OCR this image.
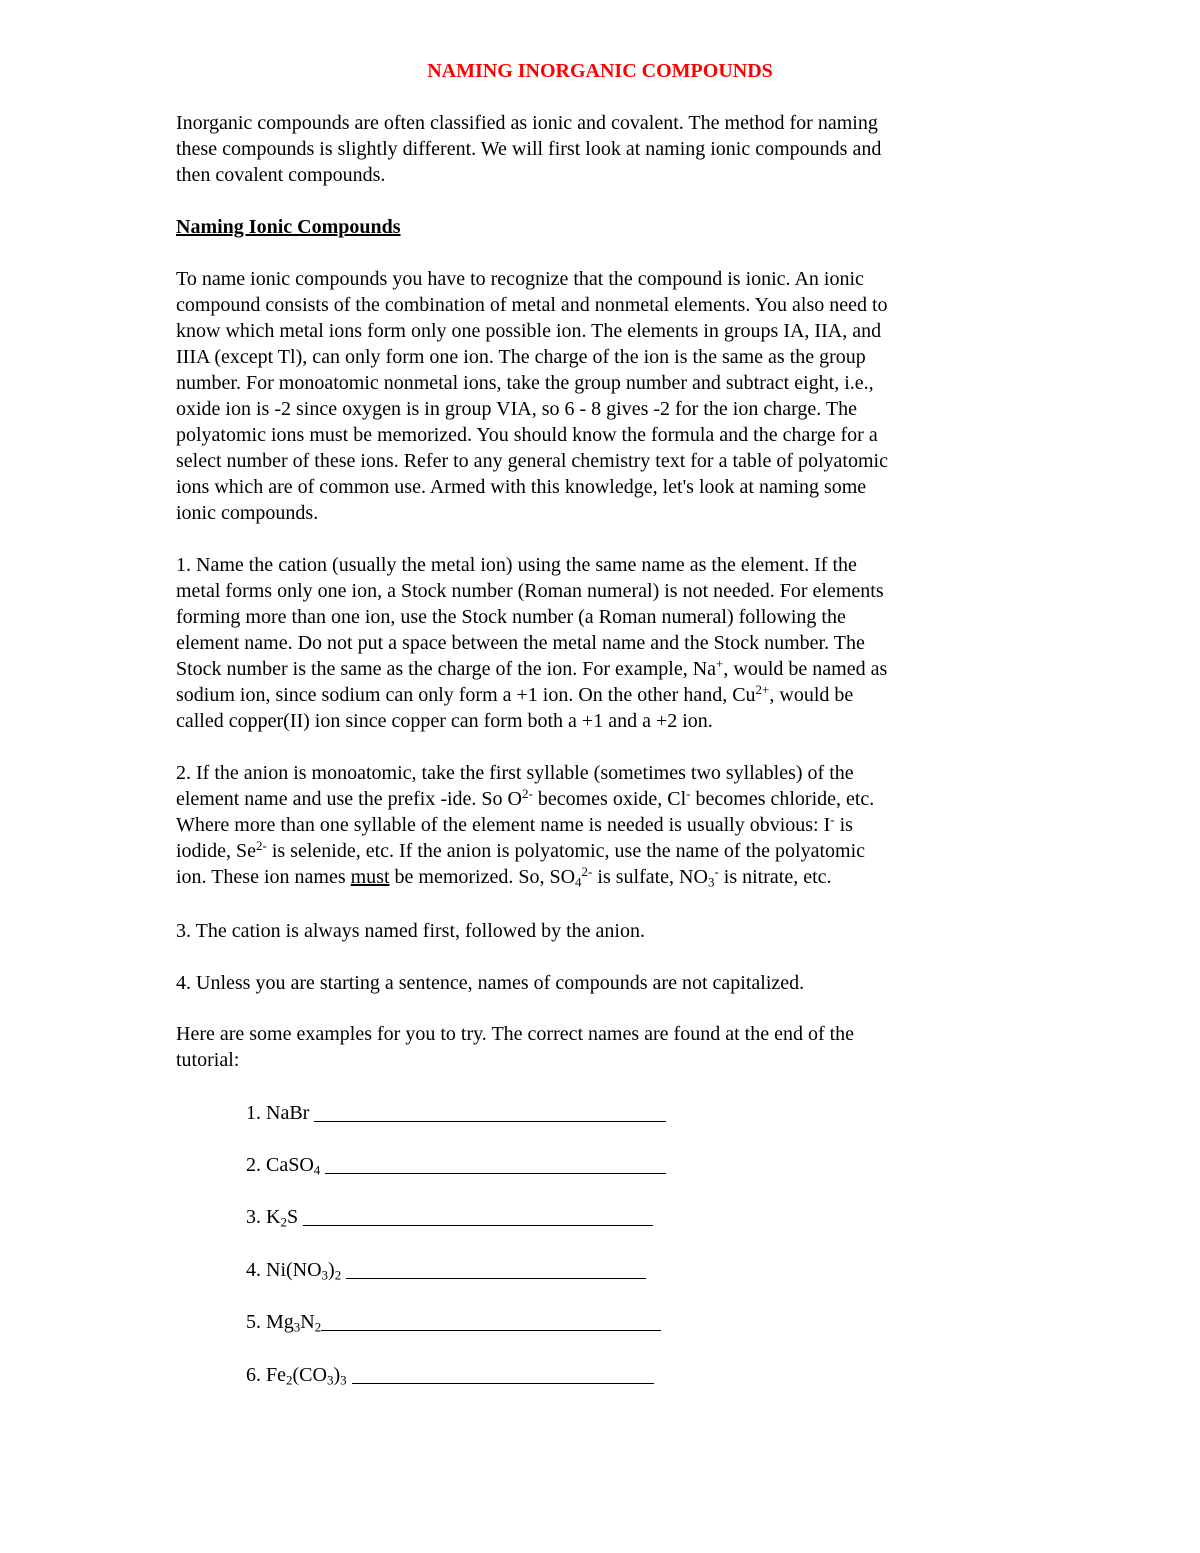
NAMING INORGANIC COMPOUNDS
Inorganic compounds are often classified as ionic and covalent. The method for naming
these compounds is slightly different. We will first look at naming ionic compounds and
then covalent compounds.
Naming Ionic Compounds
To name ionic compounds you have to recognize that the compound is ionic. An ionic
compound consists of the combination of metal and nonmetal elements. You also need to
know which metal ions form only one possible ion. The elements in groups IA, IIA, and
IIIA (except Tl), can only form one ion. The charge of the ion is the same as the group
number. For monoatomic nonmetal ions, take the group number and subtract eight, i.e.,
oxide ion is -2 since oxygen is in group VIA, so 6 - 8 gives -2 for the ion charge. The
polyatomic ions must be memorized. You should know the formula and the charge for a
select number of these ions. Refer to any general chemistry text for a table of polyatomic
ions which are of common use. Armed with this knowledge, let's look at naming some
ionic compounds.
1. Name the cation (usually the metal ion) using the same name as the element. If the
metal forms only one ion, a Stock number (Roman numeral) is not needed. For elements
forming more than one ion, use the Stock number (a Roman numeral) following the
element name. Do not put a space between the metal name and the Stock number. The
Stock number is the same as the charge of the ion. For example, Na+, would be named as
sodium ion, since sodium can only form a +1 ion. On the other hand, $Cu^{2+}$, would be
called copper(II) ion since copper can form both a +1 and a +2 ion.
2. If the anion is monoatomic, take the first syllable (sometimes two syllables) of the
element name and use the prefix -ide. So $O^{2-}$ becomes oxide, Cl- becomes chloride, etc.
Where more than one syllable of the element name is needed is usually obvious: I- is
iodide, $Se^{2-}$ is selenide, etc. If the anion is polyatomic, use the name of the polyatomic
ion. These ion names must be memorized. So, $SO_4^{2-}$ is sulfate, $NO_3^-$ is nitrate, etc.
3. The cation is always named first, followed by the anion.
4. Unless you are starting a sentence, names of compounds are not capitalized.
Here are some examples for you to try. The correct names are found at the end of the
tutorial:
1. NaBr
2. CaSO$_4$
3. $K_2S$
4. $Ni(NO_3)_2$
5. $Mg_3N_2$
6. $Fe_2(CO_3)_3$
